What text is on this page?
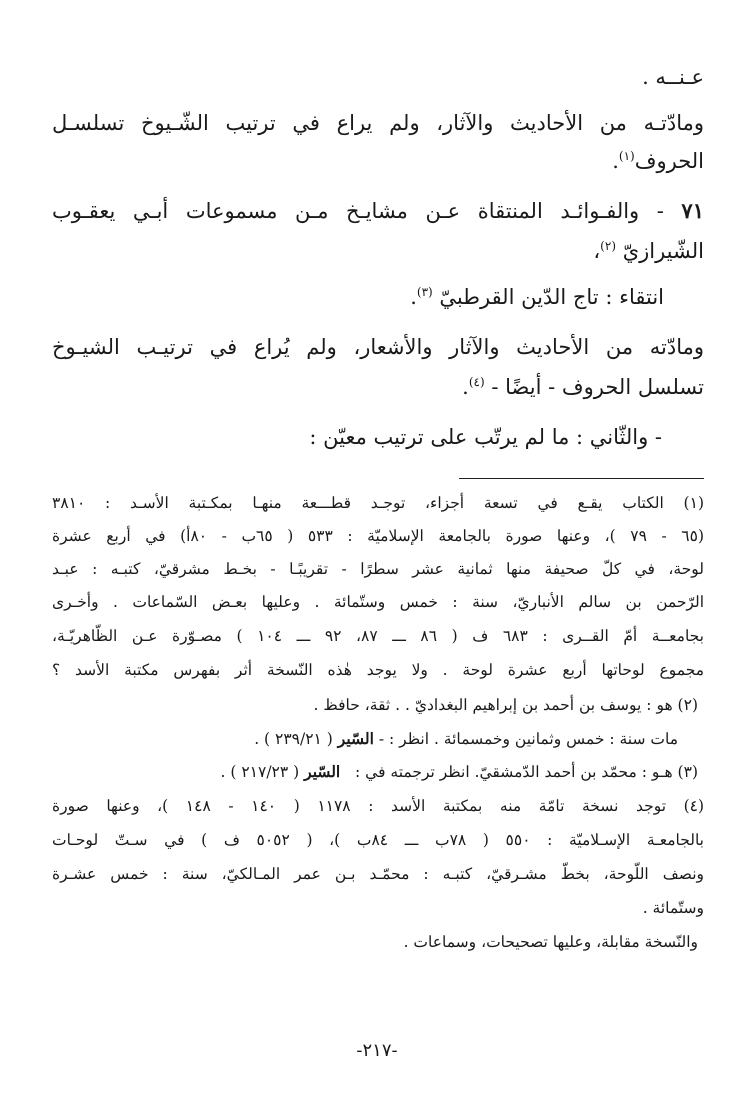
عـنــه .
ومادّتـه من الأحاديث والآثار، ولم يراع في ترتيب الشّـيوخ تسلسـل
الحروف$^{(١)}$.
٧١ - والفـوائـد المنتقاة عـن مشايـخ مـن مسموعات أبـي يعقـوب
الشّيرازيّ $^{(٢)}$،
انتقاء : تاج الدّين القرطبيّ $^{(٣)}$.
ومادّته من الأحاديث والآثار والأشعار، ولم يُراع في ترتيـب الشيـوخ
تسلسل الحروف - أيضًا - $^{(٤)}$.
- والثّاني : ما لم يرتّب على ترتيب معيّن :
(١) الكتاب يقـع في تسعة أجزاء، توجـد قطـــعة منهـا بمكـتبة الأسـد : ٣٨١٠
(٦٥ - ٧٩ )، وعنها صورة بالجامعة الإسلاميّة : ٥٣٣ ( ٦٥ب - ٨٠أ) في أربع عشرة
لوحة، في كلّ صحيفة منها ثمانية عشر سطرًا - تقريبًـا - بخـط مشرقيّ، كتبـه : عبـد
الرّحمن بن سالم الأنباريّ، سنة : خمس وستّمائة . وعليها بعـض السّماعات . وأخـرى
بجامعــة أمّ القــرى : ٦٨٣ ف ( ٨٦ ـــ ٨٧، ٩٢ ـــ ١٠٤ ) مصـوّرة عـن الظّاهريّـة،
مجموع لوحاتها أربع عشرة لوحة . ولا يوجد هٰذه النّسخة أثر بفهرس مكتبة الأسد ؟
(٢) هو : يوسف بن أحمد بن إبراهيم البغداديّ . . ثقة، حافظ .
مات سنة : خمس وثمانين وخمسمائة . انظر : - السّير ( ٢٣٩/٢١ ) .
(٣) هـو : محمّد بن أحمد الدّمشقيّ. انظر ترجمته في :   السّير ( ٢١٧/٢٣ ) .
(٤) توجد نسخة تامّة منه بمكتبة الأسد : ١١٧٨ ( ١٤٠ - ١٤٨ )، وعنها صورة
بالجامعـة الإسـلاميّة : ٥٥٠ ( ٧٨ب ـــ ٨٤ب )، ( ٥٠٥٢ ف ) في سـتّ لوحـات
ونصف اللّوحة، بخطّ مشـرقيّ، كتبـه : محمّـد بـن عمر المـالكيّ، سنة : خمس عشـرة
وستّمائة .
والنّسخة مقابلة، وعليها تصحيحات، وسماعات .
-٢١٧-
